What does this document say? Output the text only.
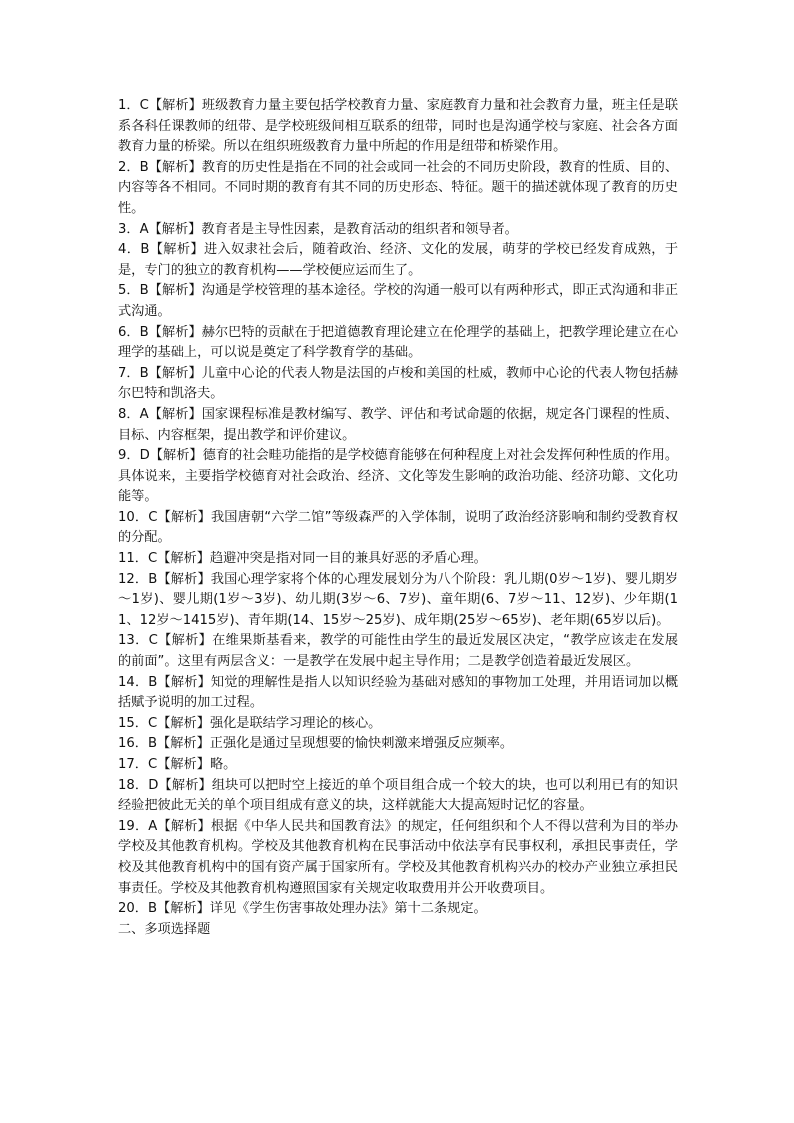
1．C【解析】班级教育力量主要包括学校教育力量、家庭教育力量和社会教育力量，班主任是联系各科任课教师的纽带、是学校班级间相互联系的纽带，同时也是沟通学校与家庭、社会各方面教育力量的桥梁。所以在组织班级教育力量中所起的作用是纽带和桥梁作用。

2．B【解析】教育的历史性是指在不同的社会或同一社会的不同历史阶段，教育的性质、目的、内容等各不相同。不同时期的教育有其不同的历史形态、特征。题干的描述就体现了教育的历史性。

3．A【解析】教育者是主导性因素，是教育活动的组织者和领导者。

4．B【解析】进入奴隶社会后，随着政治、经济、文化的发展，萌芽的学校已经发育成熟，于是，专门的独立的教育机构——学校便应运而生了。

5．B【解析】沟通是学校管理的基本途径。学校的沟通一般可以有两种形式，即正式沟通和非正式沟通。

6．B【解析】赫尔巴特的贡献在于把道德教育理论建立在伦理学的基础上，把教学理论建立在心理学的基础上，可以说是奠定了科学教育学的基础。

7．B【解析】儿童中心论的代表人物是法国的卢梭和美国的杜威，教师中心论的代表人物包括赫尔巴特和凯洛夫。

8．A【解析】国家课程标准是教材编写、教学、评估和考试命题的依据，规定各门课程的性质、目标、内容框架，提出教学和评价建议。

9．D【解析】德育的社会畦功能指的是学校德育能够在何种程度上对社会发挥何种性质的作用。具体说来，主要指学校德育对社会政治、经济、文化等发生影响的政治功能、经济功簓、文化功能等。

10．C【解析】我国唐朝“六学二馆”等级森严的入学体制，说明了政治经济影响和制约受教育权的分配。

11．C【解析】趋避冲突是指对同一目的兼具好恶的矛盾心理。

12．B【解析】我国心理学家将个体的心理发展划分为八个阶段：乳儿期(0岁～1岁)、婴儿期岁～1岁)、婴儿期(1岁～3岁)、幼儿期(3岁～6、7岁)、童年期(6、7岁～11、12岁)、少年期(11、12岁～1415岁)、青年期(14、15岁～25岁)、成年期(25岁～65岁)、老年期(65岁以后)。

13．C【解析】在维果斯基看来，教学的可能性由学生的最近发展区决定，“教学应该走在发展的前面”。这里有两层含义：一是教学在发展中起主导作用；二是教学创造着最近发展区。

14．B【解析】知觉的理解性是指人以知识经验为基础对感知的事物加工处理，并用语词加以概括赋予说明的加工过程。

15．C【解析】强化是联结学习理论的核心。

16．B【解析】正强化是通过呈现想要的愉快刺激来增强反应频率。

17．C【解析】略。

18．D【解析】组块可以把时空上接近的单个项目组合成一个较大的块，也可以利用已有的知识经验把彼此无关的单个项目组成有意义的块，这样就能大大提高短时记忆的容量。

19．A【解析】根据《中华人民共和国教育法》的规定，任何组织和个人不得以营利为目的举办学校及其他教育机构。学校及其他教育机构在民事活动中依法享有民事权利，承担民事责任，学校及其他教育机构中的国有资产属于国家所有。学校及其他教育机构兴办的校办产业独立承担民事责任。学校及其他教育机构遵照国家有关规定收取费用并公开收费项目。

20．B【解析】详见《学生伤害事故处理办法》第十二条规定。

二、多项选择题
